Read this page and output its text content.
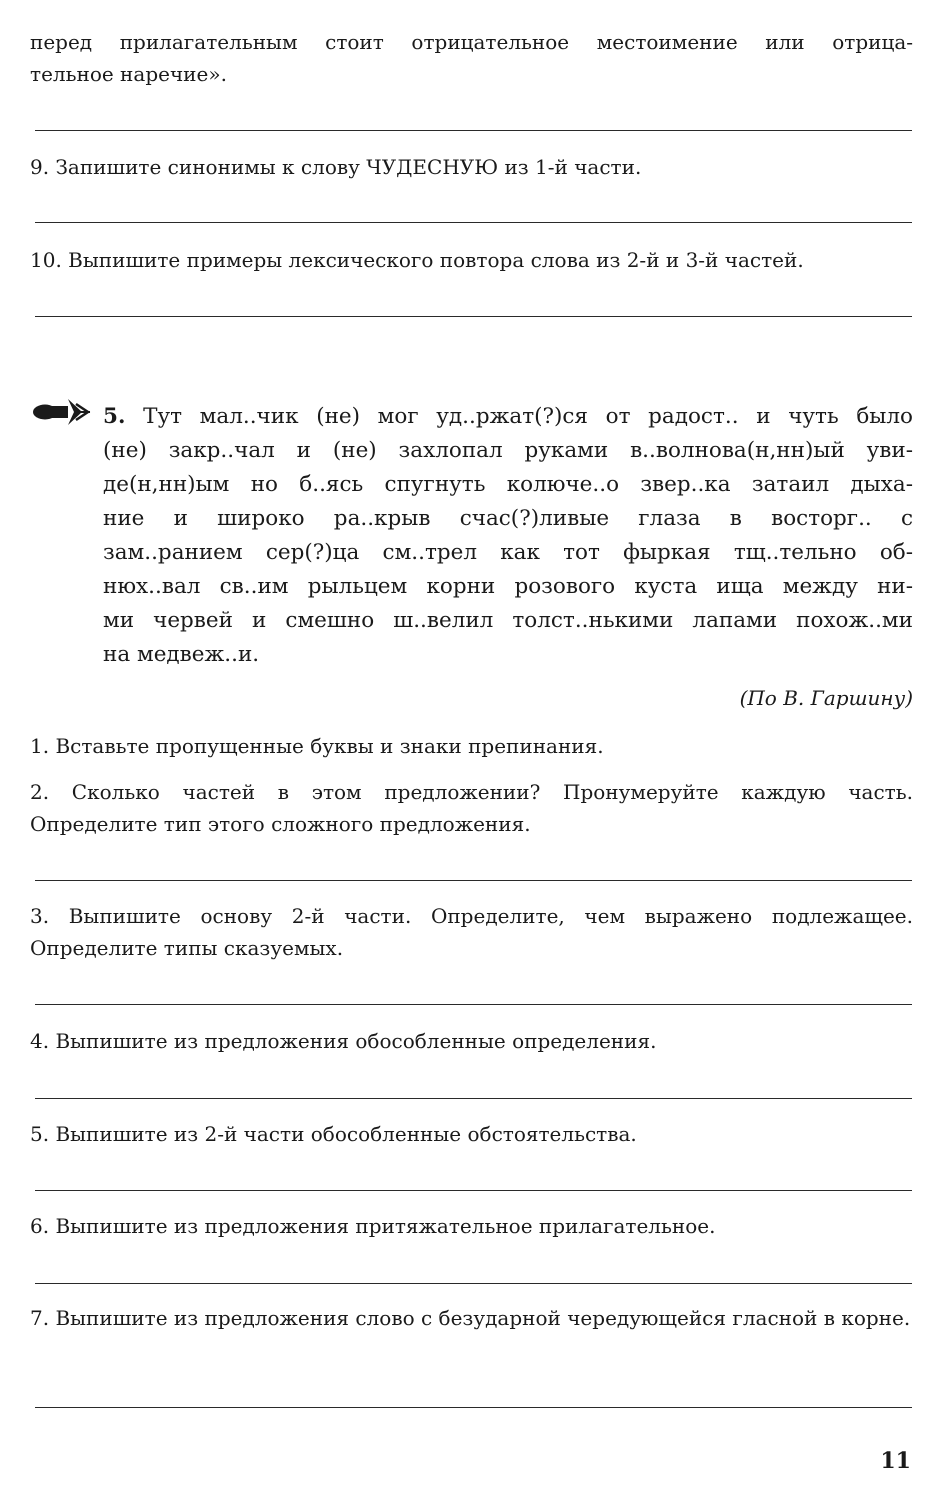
перед прилагательным стоит отрицательное местоимение или отрица-

тельное наречие».

9. Запишите синонимы к слову ЧУДЕСНУЮ из 1-й части.

10. Выпишите примеры лексического повтора слова из 2-й и 3-й частей.

5. Тут мал..чик (не) мог уд..ржат(?)ся от радост.. и чуть было
(не) закр..чал и (не) захлопал руками в..волнова(н,нн)ый уви-
де(н,нн)ым но б..ясь спугнуть колюче..о звер..ка затаил дыха-
ние и широко ра..крыв счас(?)ливые глаза в восторг.. с
зам..ранием сер(?)ца см..трел как тот фыркая тщ..тельно об-
нюх..вал св..им рыльцем корни розового куста ища между ни-
ми червей и смешно ш..велил толст..нькими лапами похож..ми
на медвеж..и.

(По В. Гаршину)

1. Вставьте пропущенные буквы и знаки препинания.

2. Сколько частей в этом предложении? Пронумеруйте каждую часть. Определите тип этого сложного предложения.

3. Выпишите основу 2-й части. Определите, чем выражено подлежащее. Определите типы сказуемых.

4. Выпишите из предложения обособленные определения.

5. Выпишите из 2-й части обособленные обстоятельства.

6. Выпишите из предложения притяжательное прилагательное.

7. Выпишите из предложения слово с безударной чередующейся гласной в корне.

11
